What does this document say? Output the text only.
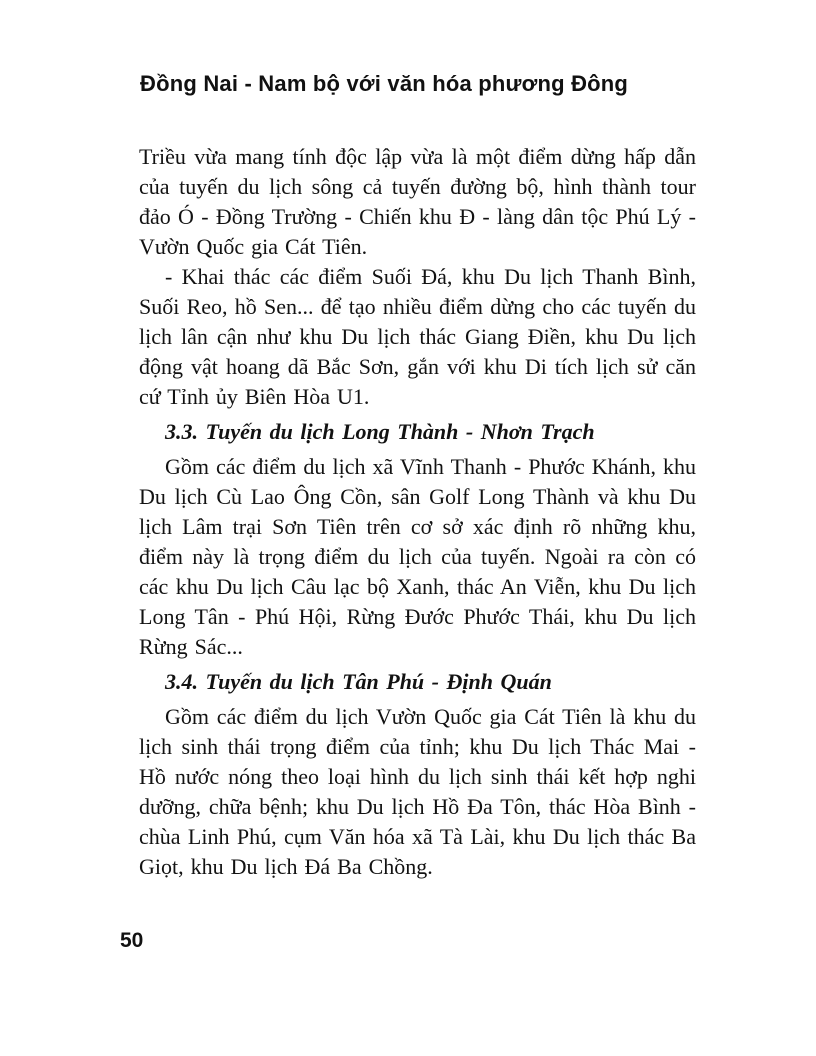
Đồng Nai - Nam bộ với văn hóa phương Đông

Triều vừa mang tính độc lập vừa là một điểm dừng hấp dẫn của tuyến du lịch sông cả tuyến đường bộ, hình thành tour đảo Ó - Đồng Trường - Chiến khu Đ - làng dân tộc Phú Lý - Vườn Quốc gia Cát Tiên.

- Khai thác các điểm Suối Đá, khu Du lịch Thanh Bình, Suối Reo, hồ Sen... để tạo nhiều điểm dừng cho các tuyến du lịch lân cận như khu Du lịch thác Giang Điền, khu Du lịch động vật hoang dã Bắc Sơn, gắn với khu Di tích lịch sử căn cứ Tỉnh ủy Biên Hòa U1.

3.3. Tuyến du lịch Long Thành - Nhơn Trạch

Gồm các điểm du lịch xã Vĩnh Thanh - Phước Khánh, khu Du lịch Cù Lao Ông Cồn, sân Golf Long Thành và khu Du lịch Lâm trại Sơn Tiên trên cơ sở xác định rõ những khu, điểm này là trọng điểm du lịch của tuyến. Ngoài ra còn có các khu Du lịch Câu lạc bộ Xanh, thác An Viễn, khu Du lịch Long Tân - Phú Hội, Rừng Đước Phước Thái, khu Du lịch Rừng Sác...

3.4. Tuyến du lịch Tân Phú - Định Quán

Gồm các điểm du lịch Vườn Quốc gia Cát Tiên là khu du lịch sinh thái trọng điểm của tỉnh; khu Du lịch Thác Mai - Hồ nước nóng theo loại hình du lịch sinh thái kết hợp nghi dưỡng, chữa bệnh; khu Du lịch Hồ Đa Tôn, thác Hòa Bình - chùa Linh Phú, cụm Văn hóa xã Tà Lài, khu Du lịch thác Ba Giọt, khu Du lịch Đá Ba Chồng.

50
